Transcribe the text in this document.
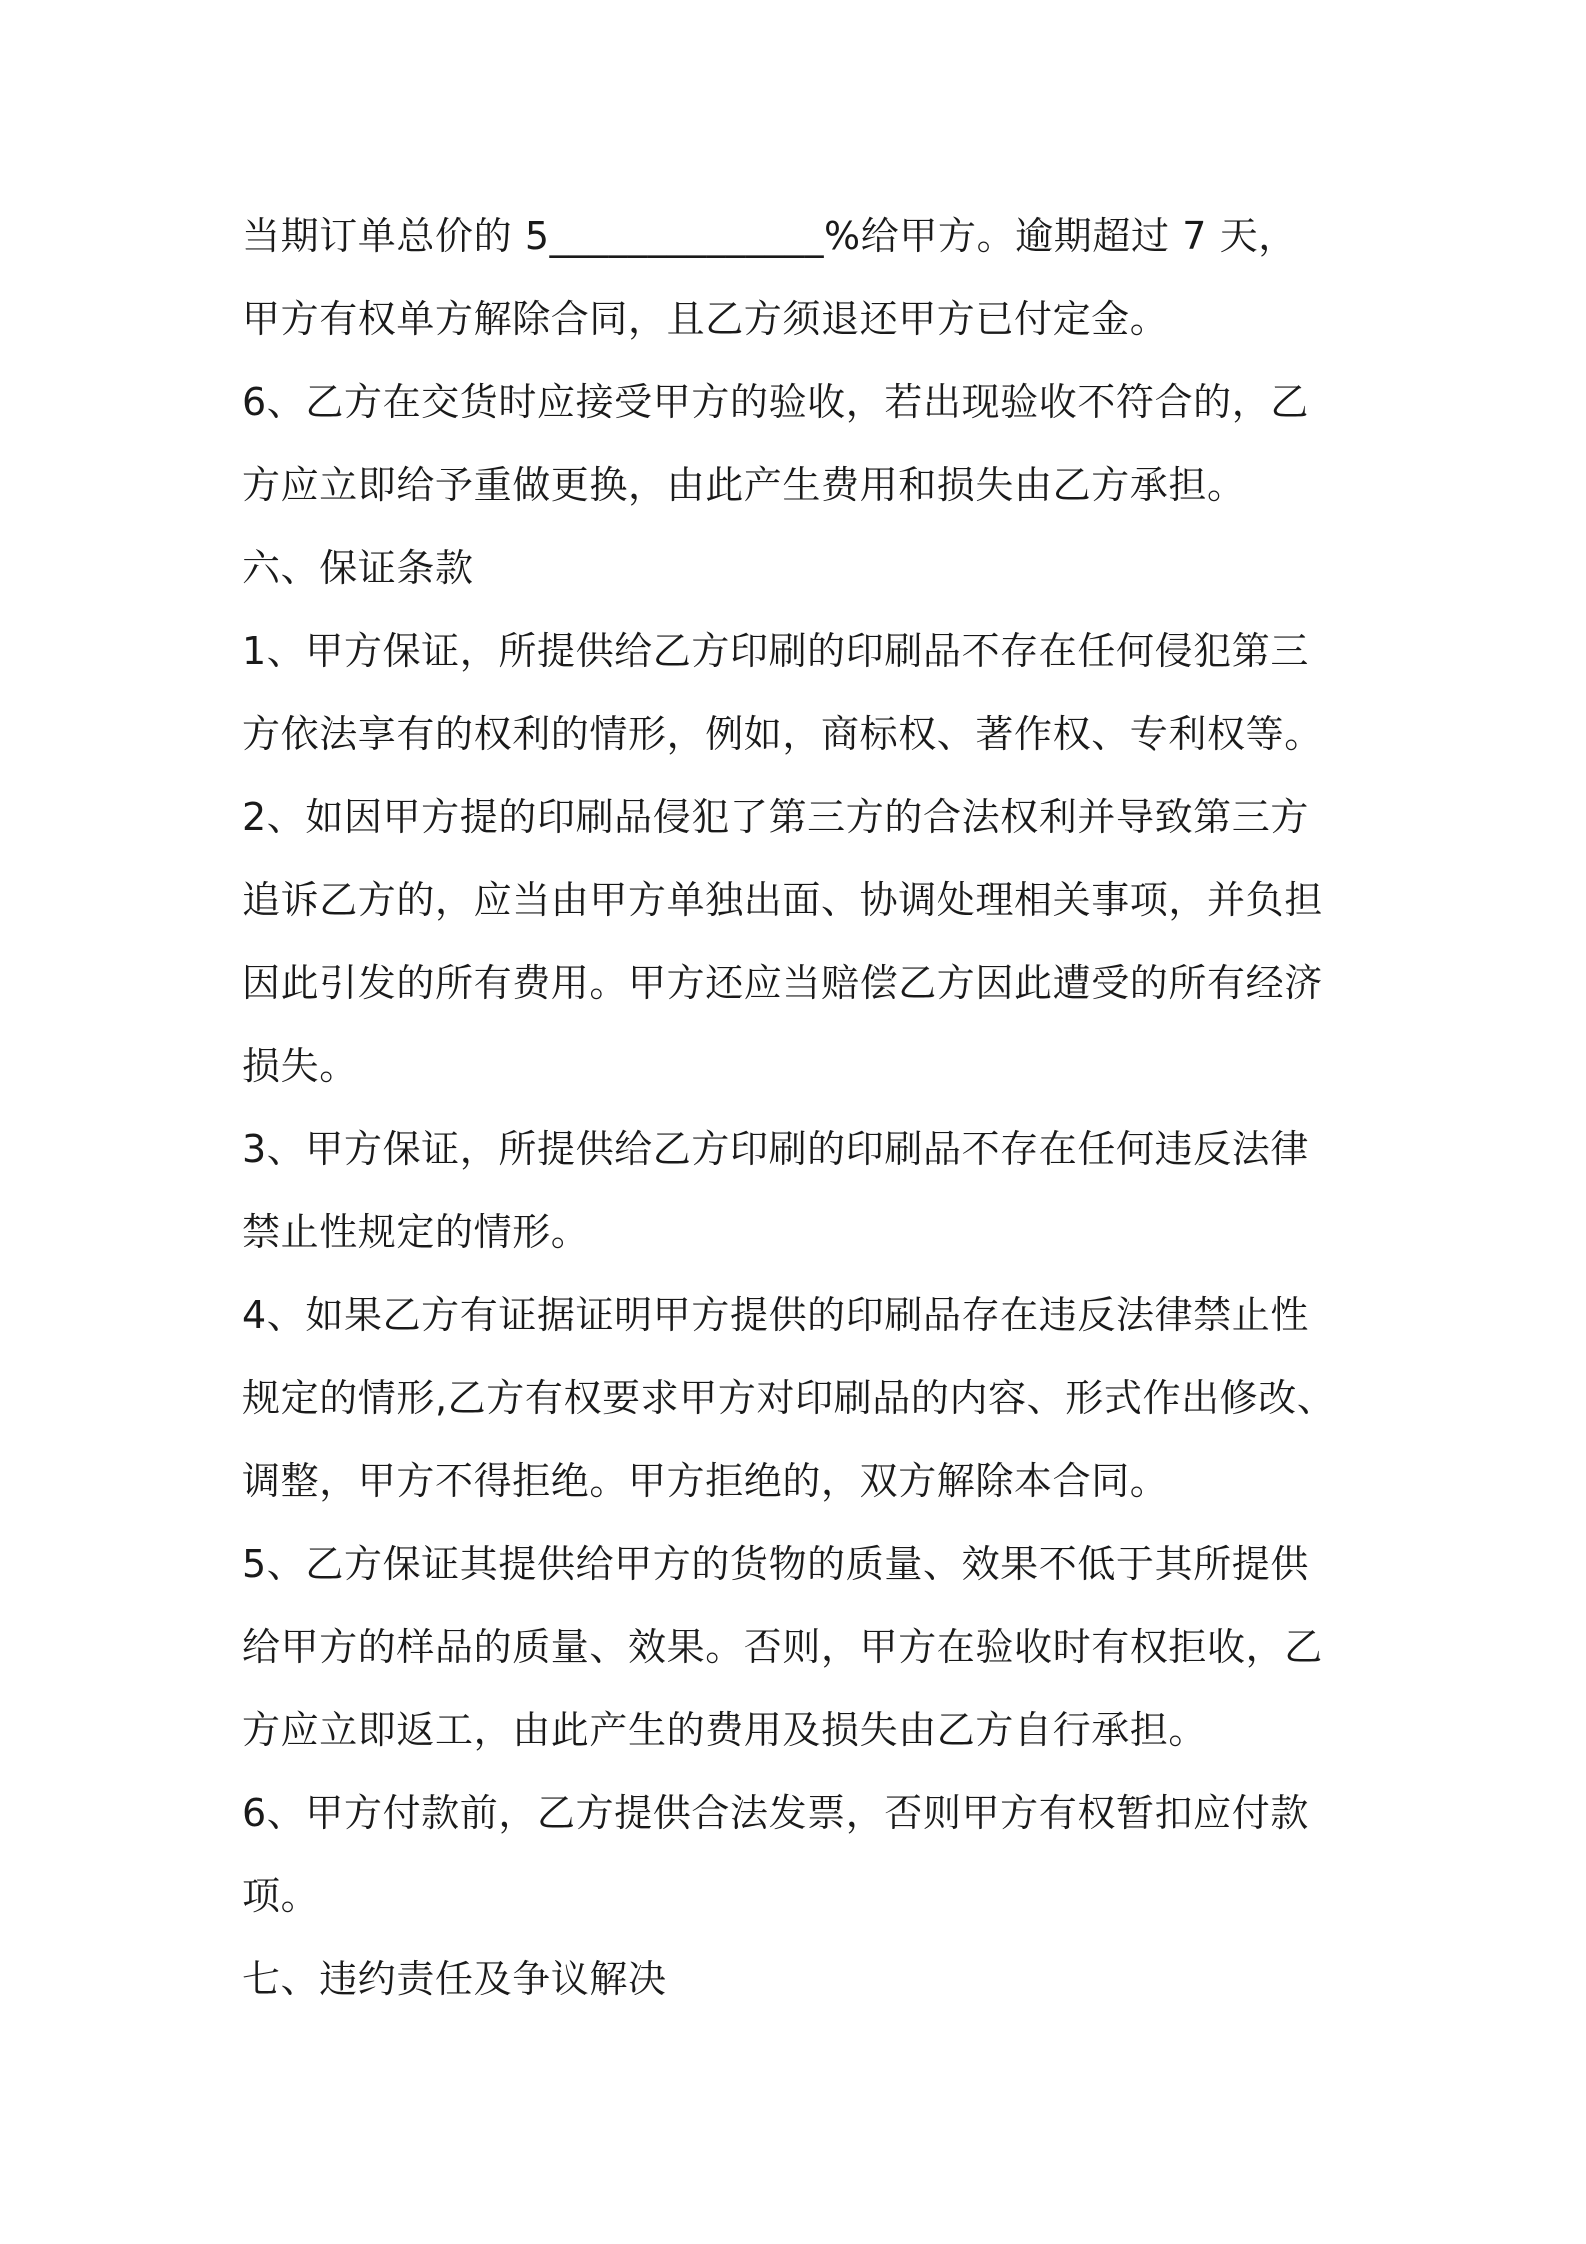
当期订单总价的 5______________%给甲方。逾期超过 7 天，

甲方有权单方解除合同，且乙方须退还甲方已付定金。

6、乙方在交货时应接受甲方的验收，若出现验收不符合的，乙

方应立即给予重做更换，由此产生费用和损失由乙方承担。

六、保证条款

1、甲方保证，所提供给乙方印刷的印刷品不存在任何侵犯第三

方依法享有的权利的情形，例如，商标权、著作权、专利权等。

2、如因甲方提的印刷品侵犯了第三方的合法权利并导致第三方

追诉乙方的，应当由甲方单独出面、协调处理相关事项，并负担

因此引发的所有费用。甲方还应当赔偿乙方因此遭受的所有经济

损失。

3、甲方保证，所提供给乙方印刷的印刷品不存在任何违反法律

禁止性规定的情形。

4、如果乙方有证据证明甲方提供的印刷品存在违反法律禁止性

规定的情形,乙方有权要求甲方对印刷品的内容、形式作出修改、

调整，甲方不得拒绝。甲方拒绝的，双方解除本合同。

5、乙方保证其提供给甲方的货物的质量、效果不低于其所提供

给甲方的样品的质量、效果。否则，甲方在验收时有权拒收，乙

方应立即返工，由此产生的费用及损失由乙方自行承担。

6、甲方付款前，乙方提供合法发票，否则甲方有权暂扣应付款

项。

七、违约责任及争议解决
